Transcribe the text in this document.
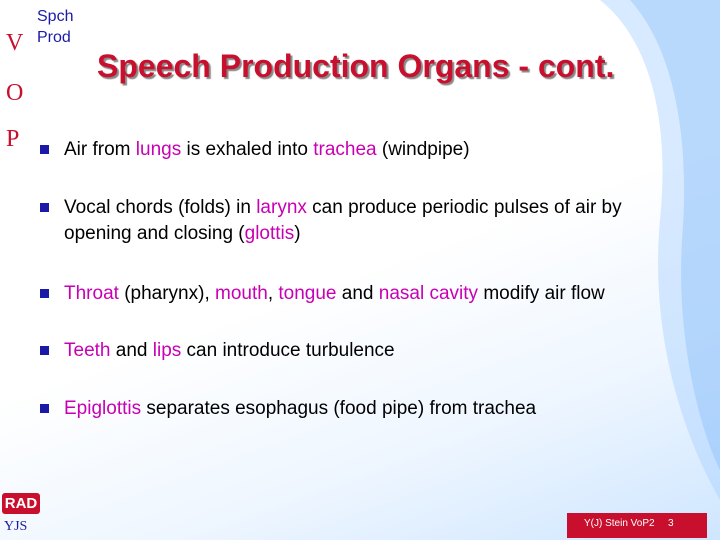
Spch
Prod
V
O
P
Speech Production Organs - cont.
Air from lungs is exhaled into trachea (windpipe)
Vocal chords (folds) in larynx can produce periodic pulses of air by opening and closing (glottis)
Throat (pharynx), mouth, tongue and nasal cavity modify air flow
Teeth and lips can introduce turbulence
Epiglottis separates esophagus (food pipe) from trachea
RAD
YJS	Y(J) Stein VoP2 3
